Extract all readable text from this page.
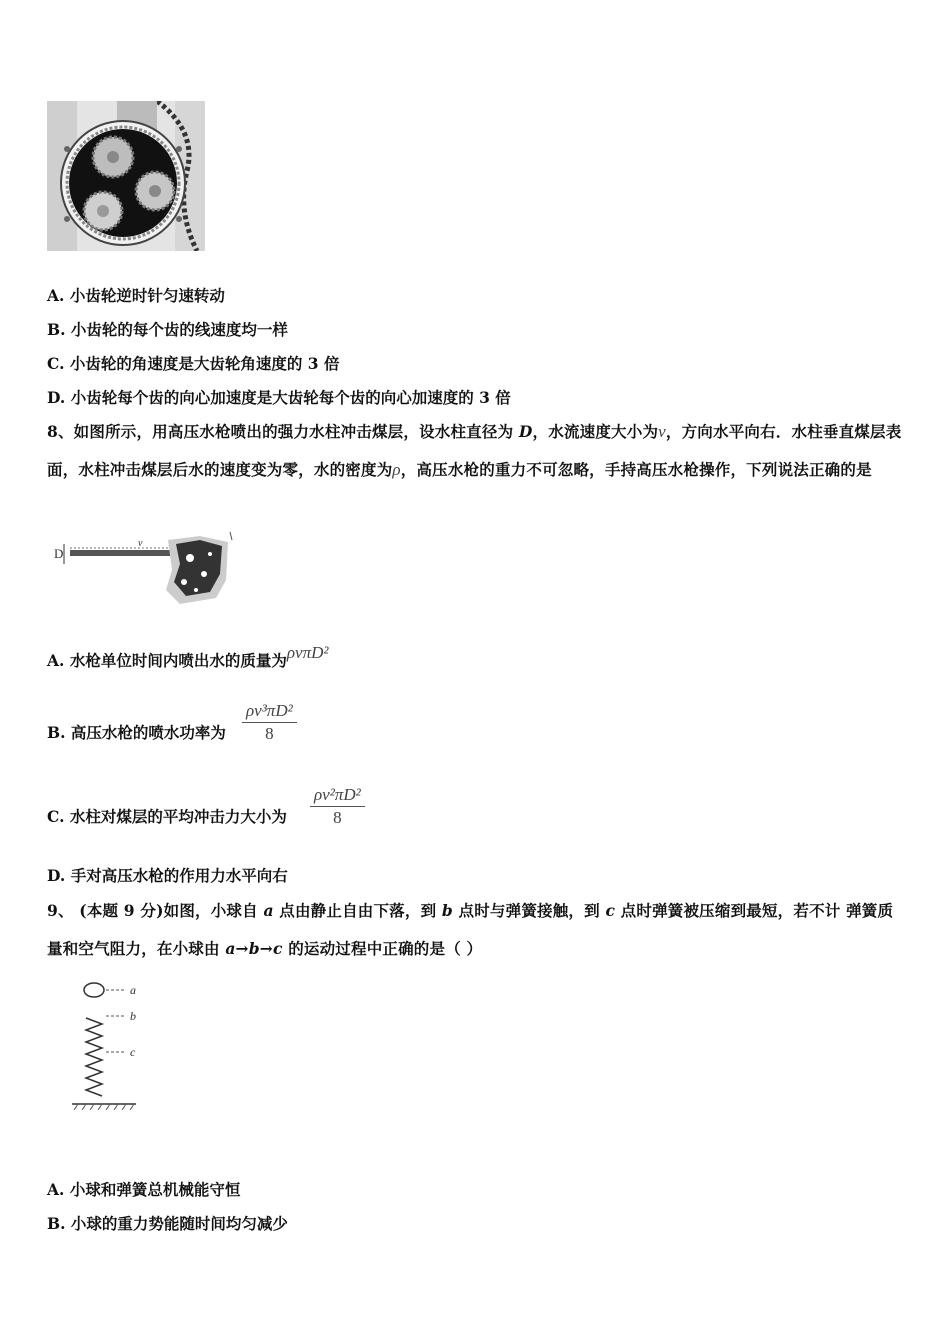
A. 小齿轮逆时针匀速转动
B. 小齿轮的每个齿的线速度均一样
C. 小齿轮的角速度是大齿轮角速度的 3 倍
D. 小齿轮每个齿的向心加速度是大齿轮每个齿的向心加速度的 3 倍
8、如图所示，用高压水枪喷出的强力水柱冲击煤层，设水柱直径为 D，水流速度大小为v，方向水平向右．水柱垂直煤层表面，水柱冲击煤层后水的速度变为零，水的密度为ρ，高压水枪的重力不可忽略，手持高压水枪操作，下列说法正确的是
D
v
A. 水枪单位时间内喷出水的质量为ρvπD²
B. 高压水枪的喷水功率为 $\frac{\text{ρv³πD²}}{8}$
C. 水柱对煤层的平均冲击力大小为 $\frac{\text{ρv²πD²}}{8}$
D. 手对高压水枪的作用力水平向右
9、 (本题 9 分)如图，小球自 a 点由静止自由下落，到 b 点时与弹簧接触，到 c 点时弹簧被压缩到最短，若不计 弹簧质量和空气阻力，在小球由 a→b→c 的运动过程中正确的是（ ）
a
b
c
A. 小球和弹簧总机械能守恒
B. 小球的重力势能随时间均匀减少
